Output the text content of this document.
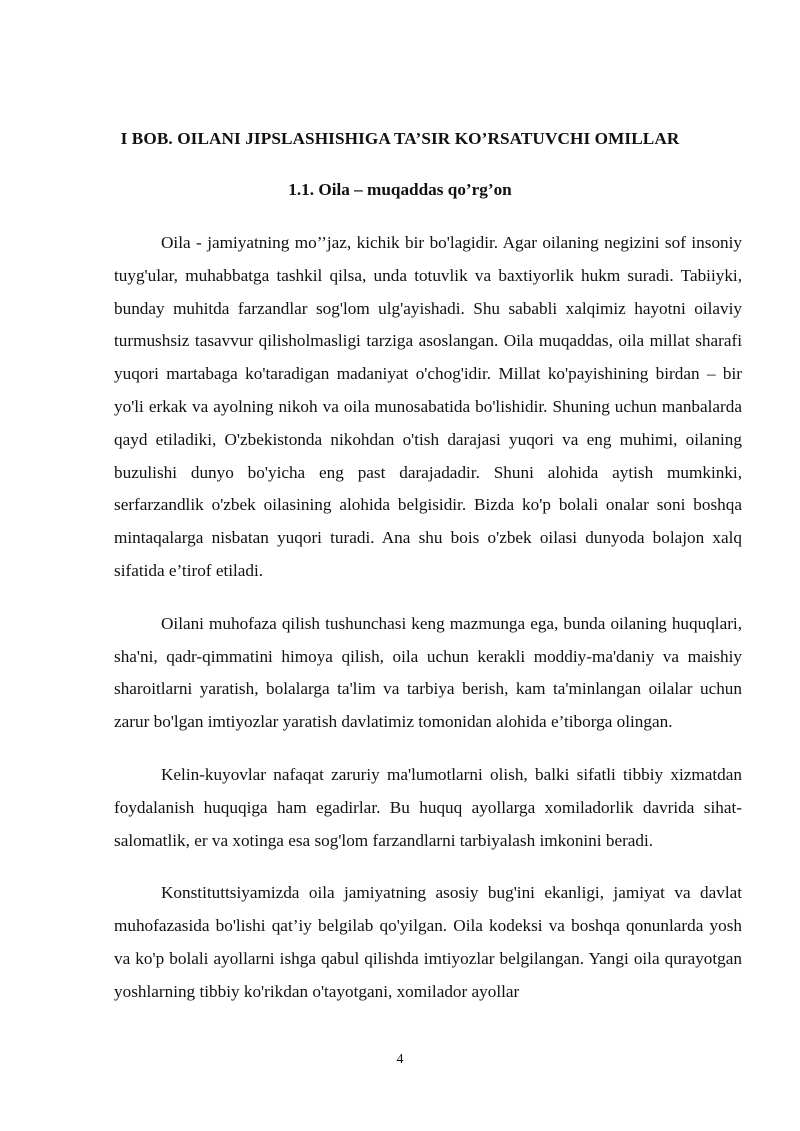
I BOB. OILANI JIPSLASHISHIGA TA’SIR KO’RSATUVCHI OMILLAR
1.1. Oila – muqaddas qo’rg’on

Oila - jamiyatning mo’’jaz, kichik bir bo'lagidir. Agar oilaning negizini sof insoniy tuyg'ular, muhabbatga tashkil qilsa, unda totuvlik va baxtiyorlik hukm suradi. Tabiiyki, bunday muhitda farzandlar sog'lom ulg'ayishadi. Shu sababli xalqimiz hayotni oilaviy turmushsiz tasavvur qilisholmasligi tarziga asoslangan. Oila muqaddas, oila millat sharafi yuqori martabaga ko'taradigan madaniyat o'chog'idir. Millat ko'payishining birdan – bir yo'li erkak va ayolning nikoh va oila munosabatida bo'lishidir. Shuning uchun manbalarda qayd etiladiki, O'zbekistonda nikohdan o'tish darajasi yuqori va eng muhimi, oilaning buzulishi dunyo bo'yicha eng past darajadadir. Shuni alohida aytish mumkinki, serfarzandlik o'zbek oilasining alohida belgisidir. Bizda ko'p bolali onalar soni boshqa mintaqalarga nisbatan yuqori turadi. Ana shu bois o'zbek oilasi dunyoda bolajon xalq sifatida e’tirof etiladi.

Oilani muhofaza qilish tushunchasi keng mazmunga ega, bunda oilaning huquqlari, sha'ni, qadr-qimmatini himoya qilish, oila uchun kerakli moddiy-ma'daniy va maishiy sharoitlarni yaratish, bolalarga ta'lim va tarbiya berish, kam ta'minlangan oilalar uchun zarur bo'lgan imtiyozlar yaratish davlatimiz tomonidan alohida e’tiborga olingan.

Kelin-kuyovlar nafaqat zaruriy ma'lumotlarni olish, balki sifatli tibbiy xizmatdan foydalanish huquqiga ham egadirlar. Bu huquq ayollarga xomiladorlik davrida sihat-salomatlik, er va xotinga esa sog'lom farzandlarni tarbiyalash imkonini beradi.

Konstituttsiyamizda oila jamiyatning asosiy bug'ini ekanligi, jamiyat va davlat muhofazasida bo'lishi qat’iy belgilab qo'yilgan. Oila kodeksi va boshqa qonunlarda yosh va ko'p bolali ayollarni ishga qabul qilishda imtiyozlar belgilangan. Yangi oila qurayotgan yoshlarning tibbiy ko'rikdan o'tayotgani, xomilador ayollar

4
